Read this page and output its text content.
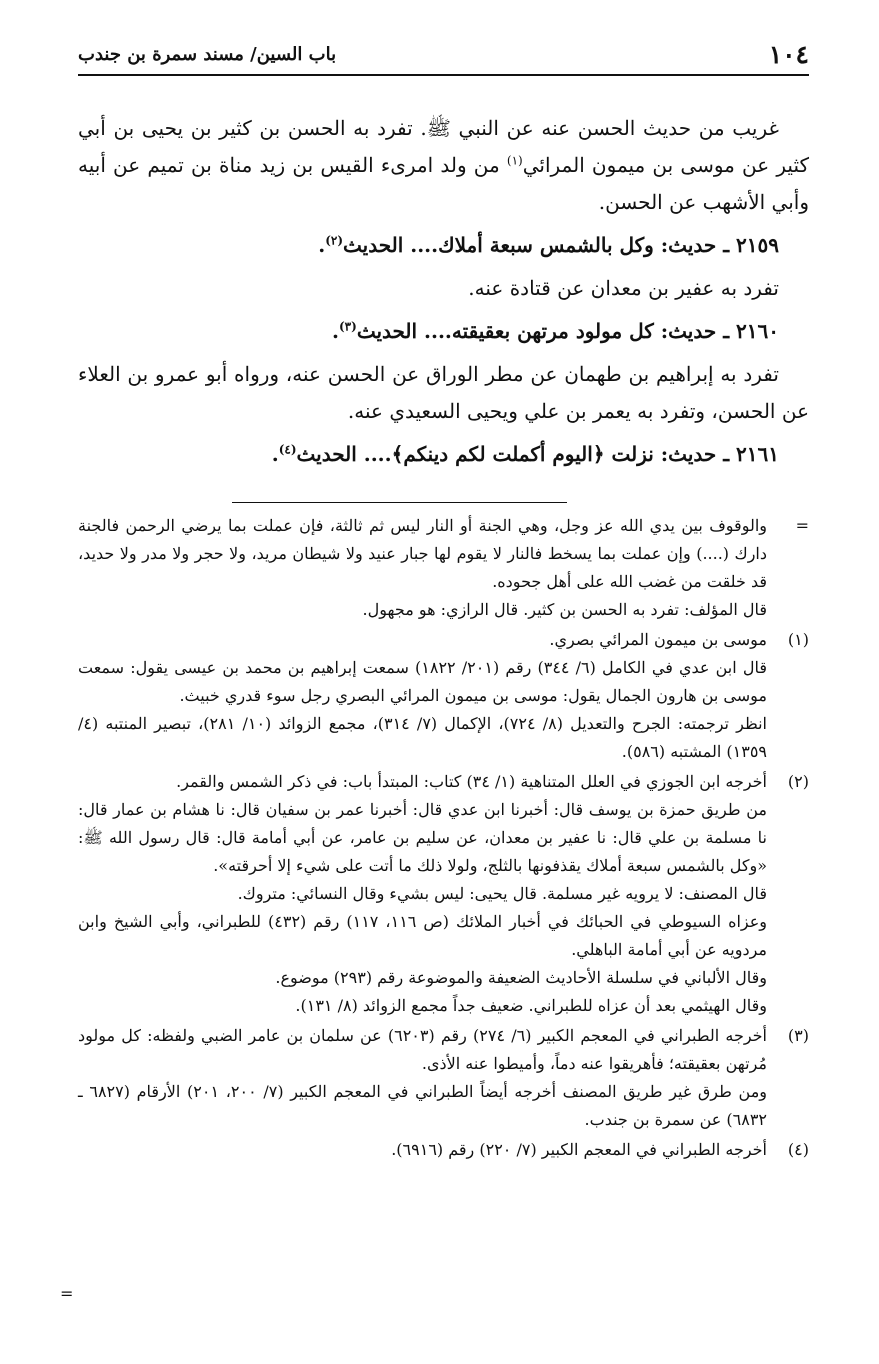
١٠٤
باب السين/ مسند سمرة بن جندب

غريب من حديث الحسن عنه عن النبي ﷺ. تفرد به الحسن بن كثير بن يحيى بن أبي كثير عن موسى بن ميمون المرائي$^{(١)}$ من ولد امرىء القيس بن زيد مناة بن تميم عن أبيه وأبي الأشهب عن الحسن.

٢١٥٩ ـ حديث: وكل بالشمس سبعة أملاك.... الحديث$^{(٢)}$.

تفرد به عفير بن معدان عن قتادة عنه.

٢١٦٠ ـ حديث: كل مولود مرتهن بعقيقته.... الحديث$^{(٣)}$.

تفرد به إبراهيم بن طهمان عن مطر الوراق عن الحسن عنه، ورواه أبو عمرو بن العلاء عن الحسن، وتفرد به يعمر بن علي ويحيى السعيدي عنه.

٢١٦١ ـ حديث: نزلت ﴿اليوم أكملت لكم دينكم﴾.... الحديث$^{(٤)}$.

=

والوقوف بين يدي الله عز وجل، وهي الجنة أو النار ليس ثم ثالثة، فإن عملت بما يرضي الرحمن فالجنة دارك (....) وإن عملت بما يسخط فالنار لا يقوم لها جبار عنيد ولا شيطان مريد، ولا حجر ولا مدر ولا حديد، قد خلقت من غضب الله على أهل جحوده.

قال المؤلف: تفرد به الحسن بن كثير. قال الرازي: هو مجهول.

(١)

موسى بن ميمون المرائي بصري.

قال ابن عدي في الكامل (٦/ ٣٤٤) رقم (٢٠١/ ١٨٢٢) سمعت إبراهيم بن محمد بن عيسى يقول: سمعت موسى بن هارون الجمال يقول: موسى بن ميمون المرائي البصري رجل سوء قدري خبيث.

انظر ترجمته: الجرح والتعديل (٨/ ٧٢٤)، الإكمال (٧/ ٣١٤)، مجمع الزوائد (١٠/ ٢٨١)، تبصير المنتبه (٤/ ١٣٥٩) المشتبه (٥٨٦).

(٢)

أخرجه ابن الجوزي في العلل المتناهية (١/ ٣٤) كتاب: المبتدأ باب: في ذكر الشمس والقمر.

من طريق حمزة بن يوسف قال: أخبرنا ابن عدي قال: أخبرنا عمر بن سفيان قال: نا هشام بن عمار قال: نا مسلمة بن علي قال: نا عفير بن معدان، عن سليم بن عامر، عن أبي أمامة قال: قال رسول الله ﷺ: «وكل بالشمس سبعة أملاك يقذفونها بالثلج، ولولا ذلك ما أتت على شيء إلا أحرقته».

قال المصنف: لا يرويه غير مسلمة. قال يحيى: ليس بشيء وقال النسائي: متروك.

وعزاه السيوطي في الحبائك في أخبار الملائك (ص ١١٦، ١١٧) رقم (٤٣٢) للطبراني، وأبي الشيخ وابن مردويه عن أبي أمامة الباهلي.

وقال الألباني في سلسلة الأحاديث الضعيفة والموضوعة رقم (٢٩٣) موضوع.

وقال الهيثمي بعد أن عزاه للطبراني. ضعيف جداً مجمع الزوائد (٨/ ١٣١).

(٣)

أخرجه الطبراني في المعجم الكبير (٦/ ٢٧٤) رقم (٦٢٠٣) عن سلمان بن عامر الضبي ولفظه: كل مولود مُرتهن بعقيقته؛ فأهريقوا عنه دماً، وأميطوا عنه الأذى.

ومن طرق غير طريق المصنف أخرجه أيضاً الطبراني في المعجم الكبير (٧/ ٢٠٠، ٢٠١) الأرقام (٦٨٢٧ ـ ٦٨٣٢) عن سمرة بن جندب.

(٤)

أخرجه الطبراني في المعجم الكبير (٧/ ٢٢٠) رقم (٦٩١٦).

=
